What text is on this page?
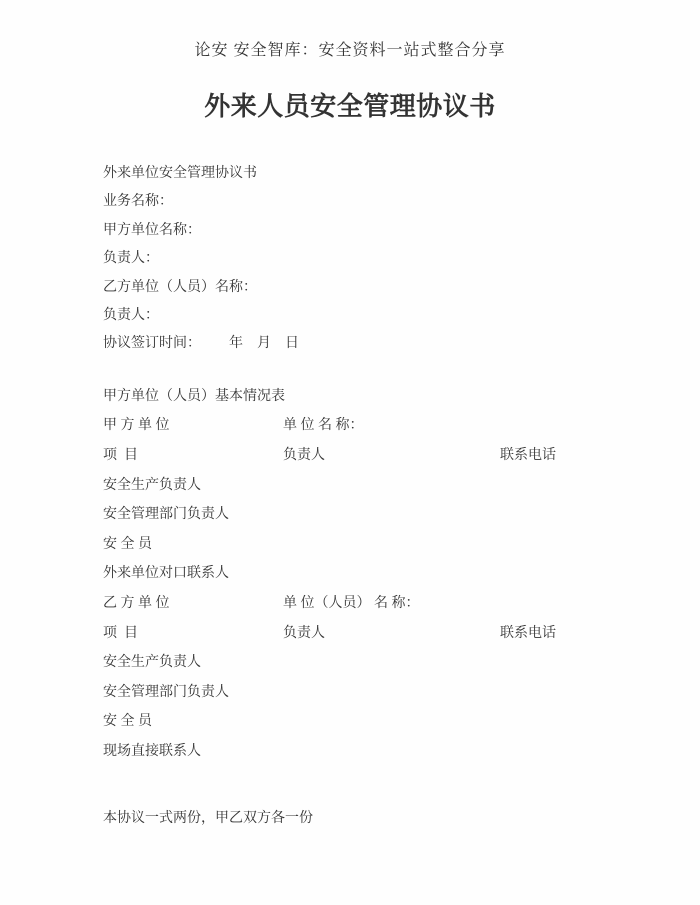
论安 安全智库：安全资料一站式整合分享
外来人员安全管理协议书
外来单位安全管理协议书
业务名称：
甲方单位名称：
负责人：
乙方单位（人员）名称：
负责人：
协议签订时间：        年    月    日
甲方单位（人员）基本情况表
甲 方 单 位	单 位 名 称：
项  目	负责人	联系电话
安全生产负责人
安全管理部门负责人
安 全 员
外来单位对口联系人
乙 方 单 位	单 位（人员） 名 称：
项  目	负责人	联系电话
安全生产负责人
安全管理部门负责人
安 全 员
现场直接联系人
本协议一式两份，甲乙双方各一份
